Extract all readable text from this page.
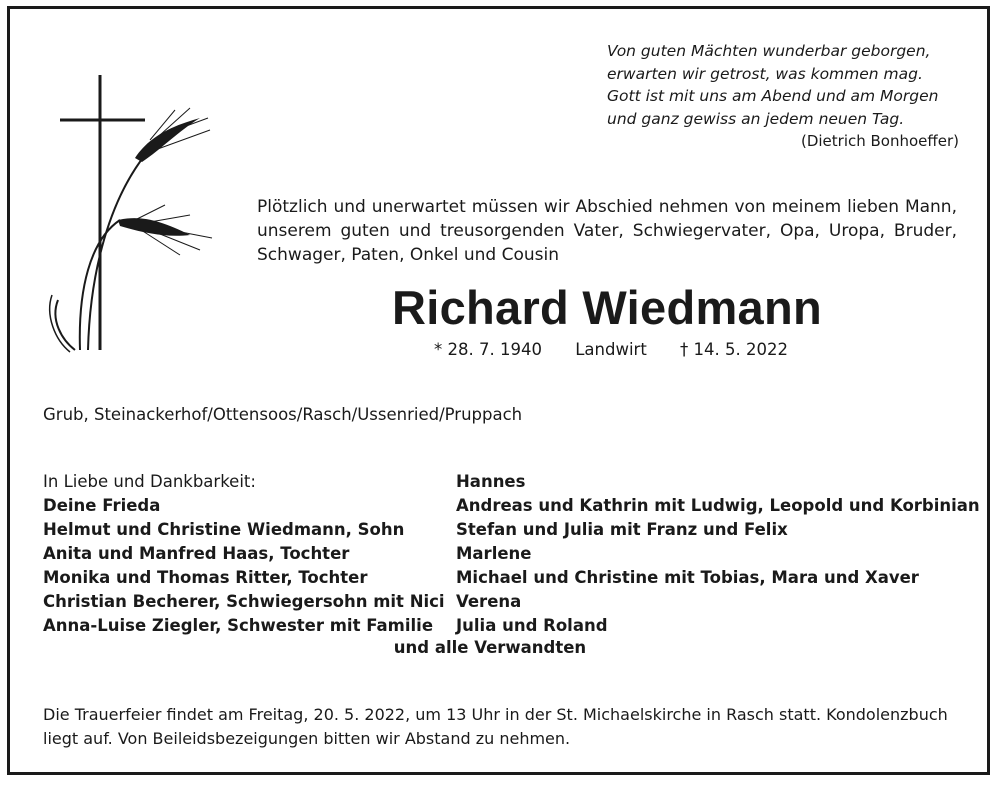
Von guten Mächten wunderbar geborgen,
erwarten wir getrost, was kommen mag.
Gott ist mit uns am Abend und am Morgen
und ganz gewiss an jedem neuen Tag.
(Dietrich Bonhoeffer)
Plötzlich und unerwartet müssen wir Abschied nehmen von meinem lieben Mann, unserem guten und treusorgenden Vater, Schwiegervater, Opa, Uropa, Bruder, Schwager, Paten, Onkel und Cousin
Richard Wiedmann
* 28. 7. 1940 Landwirt † 14. 5. 2022
Grub, Steinackerhof/Ottensoos/Rasch/Ussenried/Pruppach
In Liebe und Dankbarkeit:
Deine Frieda
Helmut und Christine Wiedmann, Sohn
Anita und Manfred Haas, Tochter
Monika und Thomas Ritter, Tochter
Christian Becherer, Schwiegersohn mit Nici
Anna-Luise Ziegler, Schwester mit Familie
Hannes
Andreas und Kathrin mit Ludwig, Leopold und Korbinian
Stefan und Julia mit Franz und Felix
Marlene
Michael und Christine mit Tobias, Mara und Xaver
Verena
Julia und Roland
und alle Verwandten
Die Trauerfeier findet am Freitag, 20. 5. 2022, um 13 Uhr in der St. Michaelskirche in Rasch statt. Kondolenzbuch liegt auf. Von Beileidsbezeigungen bitten wir Abstand zu nehmen.
